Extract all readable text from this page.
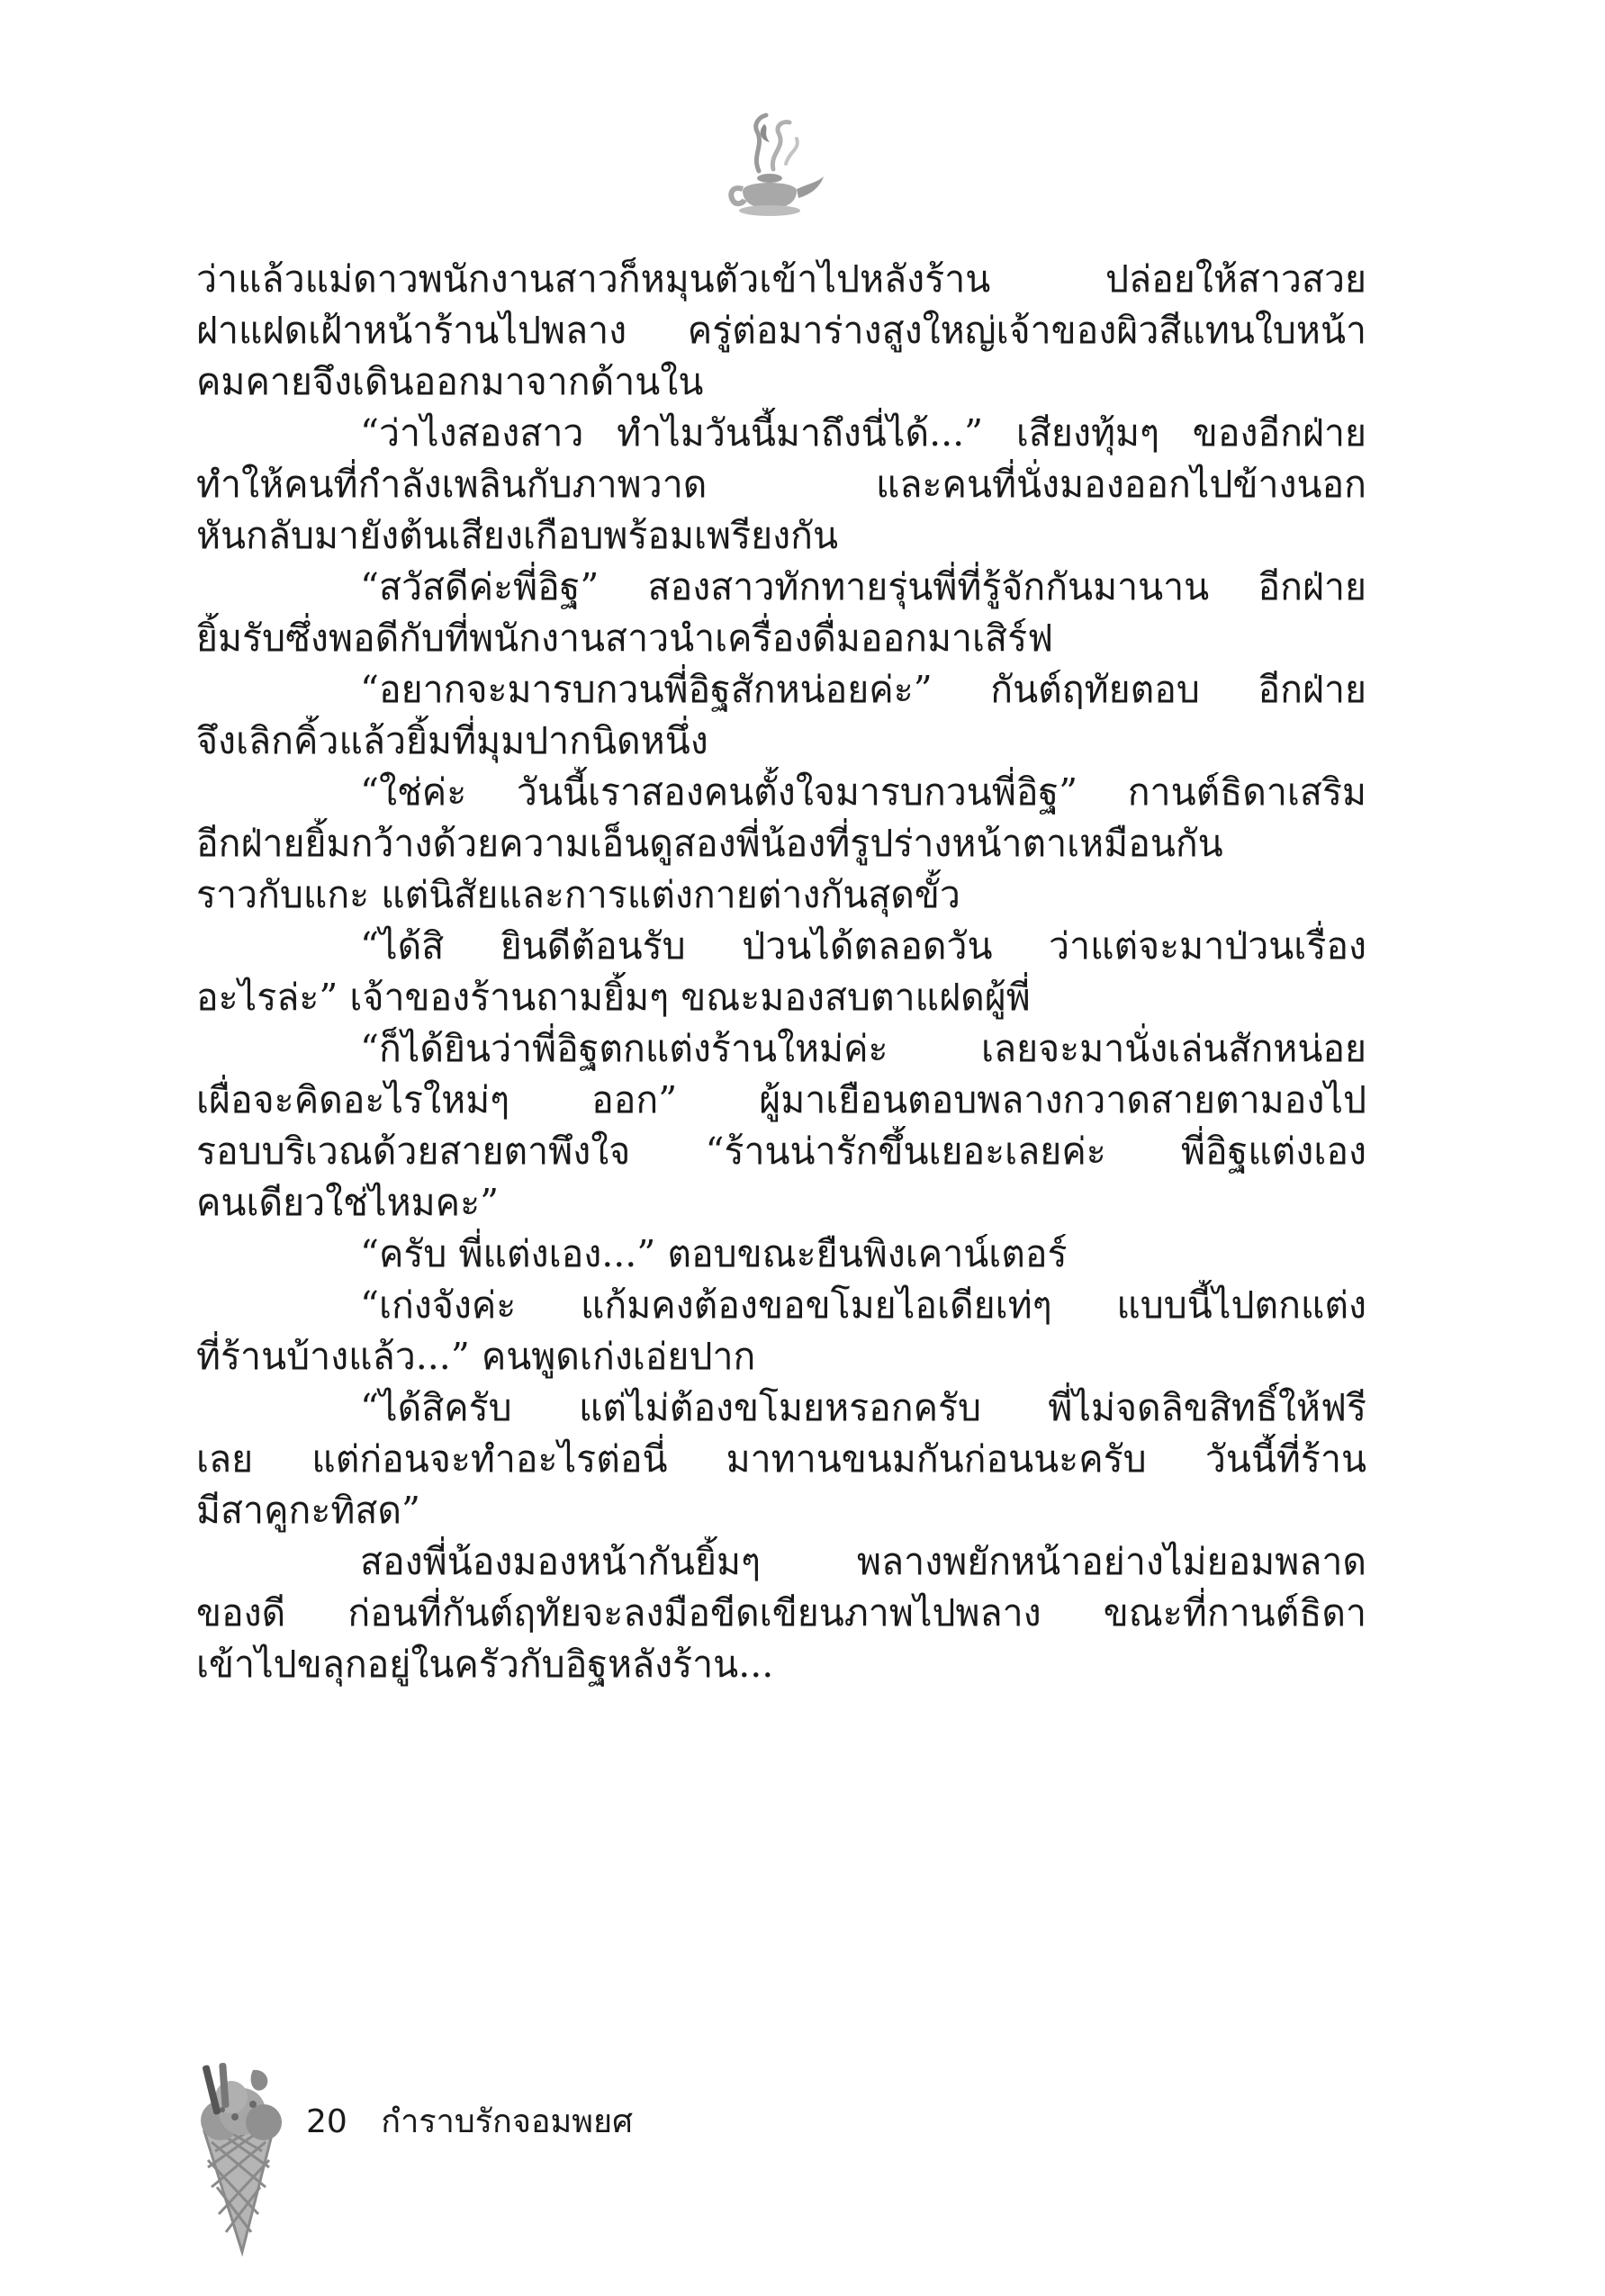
ว่าแล้วแม่ดาวพนักงานสาวก็หมุนตัวเข้าไปหลังร้าน ปล่อยให้สาวสวย
ฝาแฝดเฝ้าหน้าร้านไปพลาง ครู่ต่อมาร่างสูงใหญ่เจ้าของผิวสีแทนใบหน้า
คมคายจึงเดินออกมาจากด้านใน
“ว่าไงสองสาว ทำไมวันนี้มาถึงนี่ได้...” เสียงทุ้มๆ ของอีกฝ่าย
ทำให้คนที่กำลังเพลินกับภาพวาด และคนที่นั่งมองออกไปข้างนอก
หันกลับมายังต้นเสียงเกือบพร้อมเพรียงกัน
“สวัสดีค่ะพี่อิฐ” สองสาวทักทายรุ่นพี่ที่รู้จักกันมานาน อีกฝ่าย
ยิ้มรับซึ่งพอดีกับที่พนักงานสาวนำเครื่องดื่มออกมาเสิร์ฟ
“อยากจะมารบกวนพี่อิฐสักหน่อยค่ะ” กันต์ฤทัยตอบ อีกฝ่าย
จึงเลิกคิ้วแล้วยิ้มที่มุมปากนิดหนึ่ง
“ใช่ค่ะ วันนี้เราสองคนตั้งใจมารบกวนพี่อิฐ” กานต์ธิดาเสริม
อีกฝ่ายยิ้มกว้างด้วยความเอ็นดูสองพี่น้องที่รูปร่างหน้าตาเหมือนกัน
ราวกับแกะ แต่นิสัยและการแต่งกายต่างกันสุดขั้ว
“ได้สิ ยินดีต้อนรับ ป่วนได้ตลอดวัน ว่าแต่จะมาป่วนเรื่อง
อะไรล่ะ” เจ้าของร้านถามยิ้มๆ ขณะมองสบตาแฝดผู้พี่
“ก็ได้ยินว่าพี่อิฐตกแต่งร้านใหม่ค่ะ เลยจะมานั่งเล่นสักหน่อย
เผื่อจะคิดอะไรใหม่ๆ ออก” ผู้มาเยือนตอบพลางกวาดสายตามองไป
รอบบริเวณด้วยสายตาพึงใจ “ร้านน่ารักขึ้นเยอะเลยค่ะ พี่อิฐแต่งเอง
คนเดียวใช่ไหมคะ”
“ครับ พี่แต่งเอง...” ตอบขณะยืนพิงเคาน์เตอร์
“เก่งจังค่ะ แก้มคงต้องขอขโมยไอเดียเท่ๆ แบบนี้ไปตกแต่ง
ที่ร้านบ้างแล้ว...” คนพูดเก่งเอ่ยปาก
“ได้สิครับ แต่ไม่ต้องขโมยหรอกครับ พี่ไม่จดลิขสิทธิ์ให้ฟรี
เลย แต่ก่อนจะทำอะไรต่อนี่ มาทานขนมกันก่อนนะครับ วันนี้ที่ร้าน
มีสาคูกะทิสด”
สองพี่น้องมองหน้ากันยิ้มๆ พลางพยักหน้าอย่างไม่ยอมพลาด
ของดี ก่อนที่กันต์ฤทัยจะลงมือขีดเขียนภาพไปพลาง ขณะที่กานต์ธิดา
เข้าไปขลุกอยู่ในครัวกับอิฐหลังร้าน...
20 กำราบรักจอมพยศ
